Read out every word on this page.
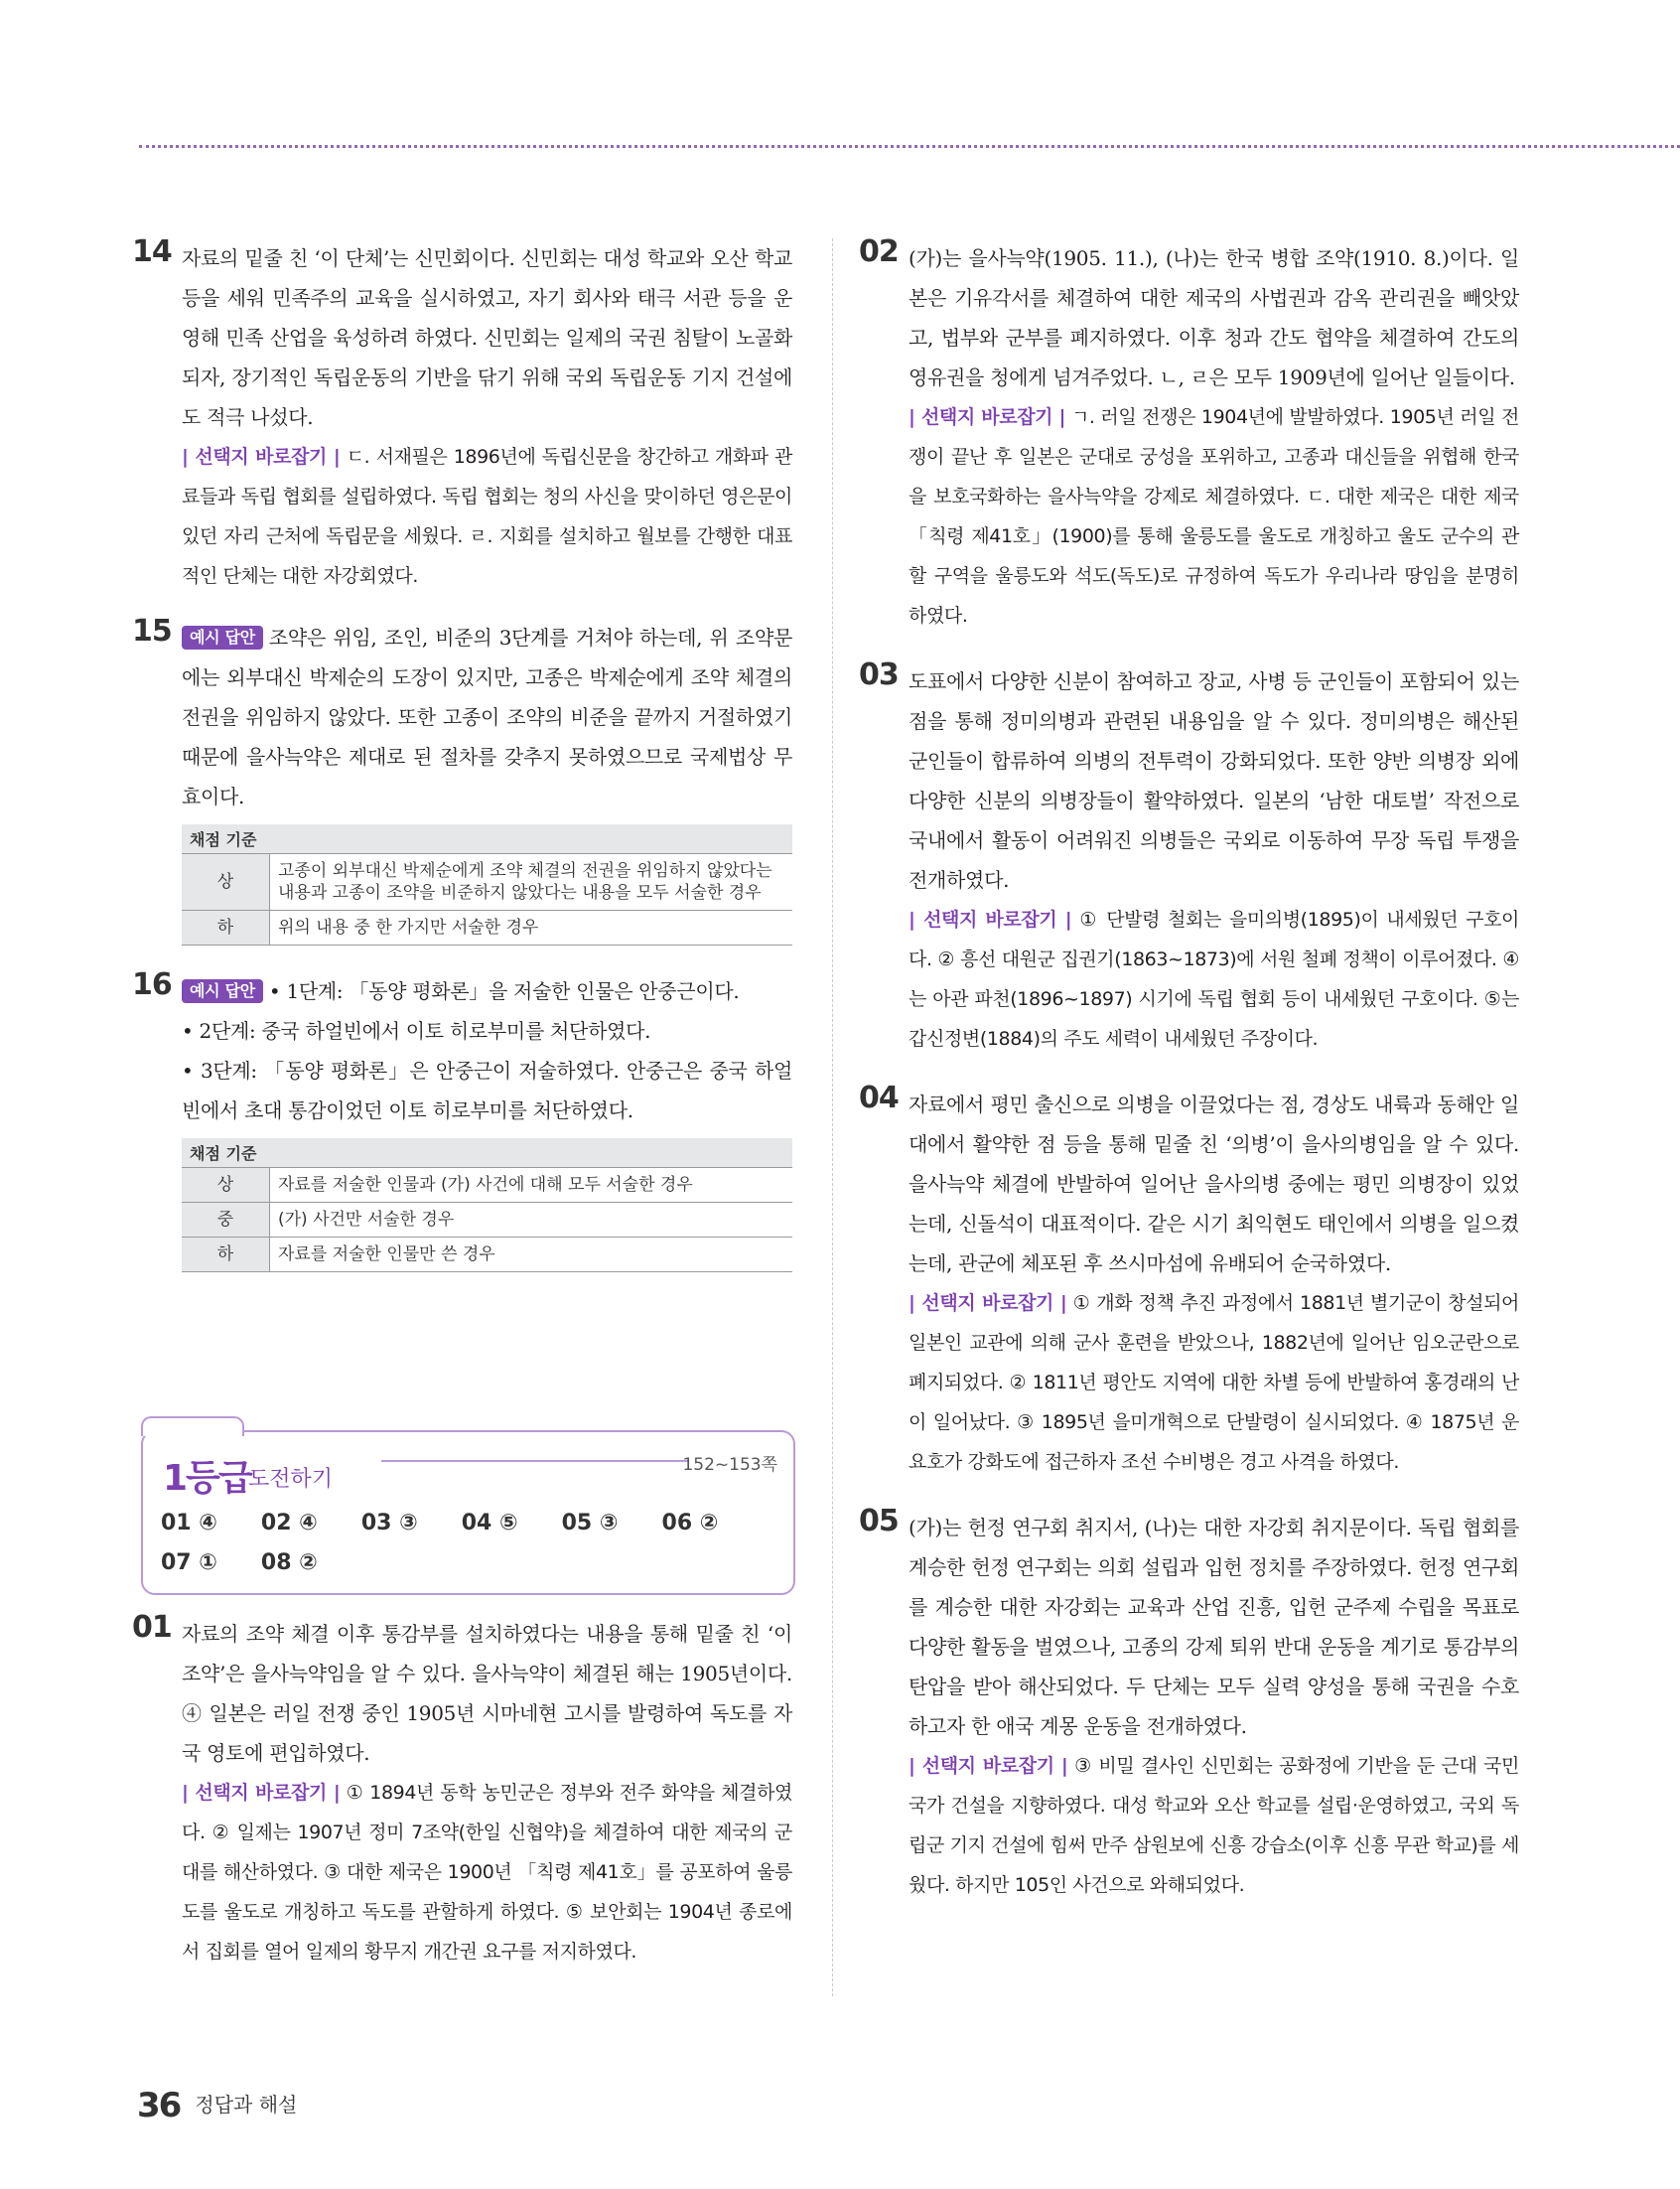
14 자료의 밑줄 친 ‘이 단체’는 신민회이다. 신민회는 대성 학교와 오산 학교 등을 세워 민족주의 교육을 실시하였고, 자기 회사와 태극 서관 등을 운영해 민족 산업을 육성하려 하였다. 신민회는 일제의 국권 침탈이 노골화되자, 장기적인 독립운동의 기반을 닦기 위해 국외 독립운동 기지 건설에도 적극 나섰다.
| 선택지 바로잡기 | ㄷ. 서재필은 1896년에 독립신문을 창간하고 개화파 관료들과 독립 협회를 설립하였다. 독립 협회는 청의 사신을 맞이하던 영은문이 있던 자리 근처에 독립문을 세웠다. ㄹ. 지회를 설치하고 월보를 간행한 대표적인 단체는 대한 자강회였다.
15	예시 답안 조약은 위임, 조인, 비준의 3단계를 거쳐야 하는데, 위 조약문에는 외부대신 박제순의 도장이 있지만, 고종은 박제순에게 조약 체결의 전권을 위임하지 않았다. 또한 고종이 조약의 비준을 끝까지 거절하였기 때문에 을사늑약은 제대로 된 절차를 갖추지 못하였으므로 국제법상 무효이다.
채점 기준	
상	고종이 외부대신 박제순에게 조약 체결의 전권을 위임하지 않았다는 내용과 고종이 조약을 비준하지 않았다는 내용을 모두 서술한 경우
하	위의 내용 중 한 가지만 서술한 경우
16	예시 답안 • 1단계: 「동양 평화론」을 저술한 인물은 안중근이다.

• 2단계: 중국 하얼빈에서 이토 히로부미를 처단하였다.

• 3단계: 「동양 평화론」은 안중근이 저술하였다. 안중근은 중국 하얼빈에서 초대 통감이었던 이토 히로부미를 처단하였다.

채점 기준	
상	자료를 저술한 인물과 (가) 사건에 대해 모두 서술한 경우
중	(가) 사건만 서술한 경우
하	자료를 저술한 인물만 쓴 경우
1등급
도전하기
152~153쪽
01 ④ 02 ④ 03 ③ 04 ⑤ 05 ③ 06 ②07 ① 08 ②
01 자료의 조약 체결 이후 통감부를 설치하였다는 내용을 통해 밑줄 친 ‘이 조약’은 을사늑약임을 알 수 있다. 을사늑약이 체결된 해는 1905년이다. ④ 일본은 러일 전쟁 중인 1905년 시마네현 고시를 발령하여 독도를 자국 영토에 편입하였다.
| 선택지 바로잡기 | ① 1894년 동학 농민군은 정부와 전주 화약을 체결하였다. ② 일제는 1907년 정미 7조약(한일 신협약)을 체결하여 대한 제국의 군대를 해산하였다. ③ 대한 제국은 1900년 「칙령 제41호」를 공포하여 울릉도를 울도로 개칭하고 독도를 관할하게 하였다. ⑤ 보안회는 1904년 종로에서 집회를 열어 일제의 황무지 개간권 요구를 저지하였다.
02 (가)는 을사늑약(1905. 11.), (나)는 한국 병합 조약(1910. 8.)이다. 일본은 기유각서를 체결하여 대한 제국의 사법권과 감옥 관리권을 빼앗았고, 법부와 군부를 폐지하였다. 이후 청과 간도 협약을 체결하여 간도의 영유권을 청에게 넘겨주었다. ㄴ, ㄹ은 모두 1909년에 일어난 일들이다.
| 선택지 바로잡기 | ㄱ. 러일 전쟁은 1904년에 발발하였다. 1905년 러일 전쟁이 끝난 후 일본은 군대로 궁성을 포위하고, 고종과 대신들을 위협해 한국을 보호국화하는 을사늑약을 강제로 체결하였다. ㄷ. 대한 제국은 대한 제국 「칙령 제41호」(1900)를 통해 울릉도를 울도로 개칭하고 울도 군수의 관할 구역을 울릉도와 석도(독도)로 규정하여 독도가 우리나라 땅임을 분명히 하였다.
03 도표에서 다양한 신분이 참여하고 장교, 사병 등 군인들이 포함되어 있는 점을 통해 정미의병과 관련된 내용임을 알 수 있다. 정미의병은 해산된 군인들이 합류하여 의병의 전투력이 강화되었다. 또한 양반 의병장 외에 다양한 신분의 의병장들이 활약하였다. 일본의 ‘남한 대토벌’ 작전으로 국내에서 활동이 어려워진 의병들은 국외로 이동하여 무장 독립 투쟁을 전개하였다.
| 선택지 바로잡기 | ① 단발령 철회는 을미의병(1895)이 내세웠던 구호이다. ② 흥선 대원군 집권기(1863~1873)에 서원 철폐 정책이 이루어졌다. ④는 아관 파천(1896~1897) 시기에 독립 협회 등이 내세웠던 구호이다. ⑤는 갑신정변(1884)의 주도 세력이 내세웠던 주장이다.
04 자료에서 평민 출신으로 의병을 이끌었다는 점, 경상도 내륙과 동해안 일대에서 활약한 점 등을 통해 밑줄 친 ‘의병’이 을사의병임을 알 수 있다. 을사늑약 체결에 반발하여 일어난 을사의병 중에는 평민 의병장이 있었는데, 신돌석이 대표적이다. 같은 시기 최익현도 태인에서 의병을 일으켰는데, 관군에 체포된 후 쓰시마섬에 유배되어 순국하였다.
| 선택지 바로잡기 | ① 개화 정책 추진 과정에서 1881년 별기군이 창설되어 일본인 교관에 의해 군사 훈련을 받았으나, 1882년에 일어난 임오군란으로 폐지되었다. ② 1811년 평안도 지역에 대한 차별 등에 반발하여 홍경래의 난이 일어났다. ③ 1895년 을미개혁으로 단발령이 실시되었다. ④ 1875년 운요호가 강화도에 접근하자 조선 수비병은 경고 사격을 하였다.
05 (가)는 헌정 연구회 취지서, (나)는 대한 자강회 취지문이다. 독립 협회를 계승한 헌정 연구회는 의회 설립과 입헌 정치를 주장하였다. 헌정 연구회를 계승한 대한 자강회는 교육과 산업 진흥, 입헌 군주제 수립을 목표로 다양한 활동을 벌였으나, 고종의 강제 퇴위 반대 운동을 계기로 통감부의 탄압을 받아 해산되었다. 두 단체는 모두 실력 양성을 통해 국권을 수호하고자 한 애국 계몽 운동을 전개하였다.
| 선택지 바로잡기 | ③ 비밀 결사인 신민회는 공화정에 기반을 둔 근대 국민 국가 건설을 지향하였다. 대성 학교와 오산 학교를 설립·운영하였고, 국외 독립군 기지 건설에 힘써 만주 삼원보에 신흥 강습소(이후 신흥 무관 학교)를 세웠다. 하지만 105인 사건으로 와해되었다.
36 정답과 해설
